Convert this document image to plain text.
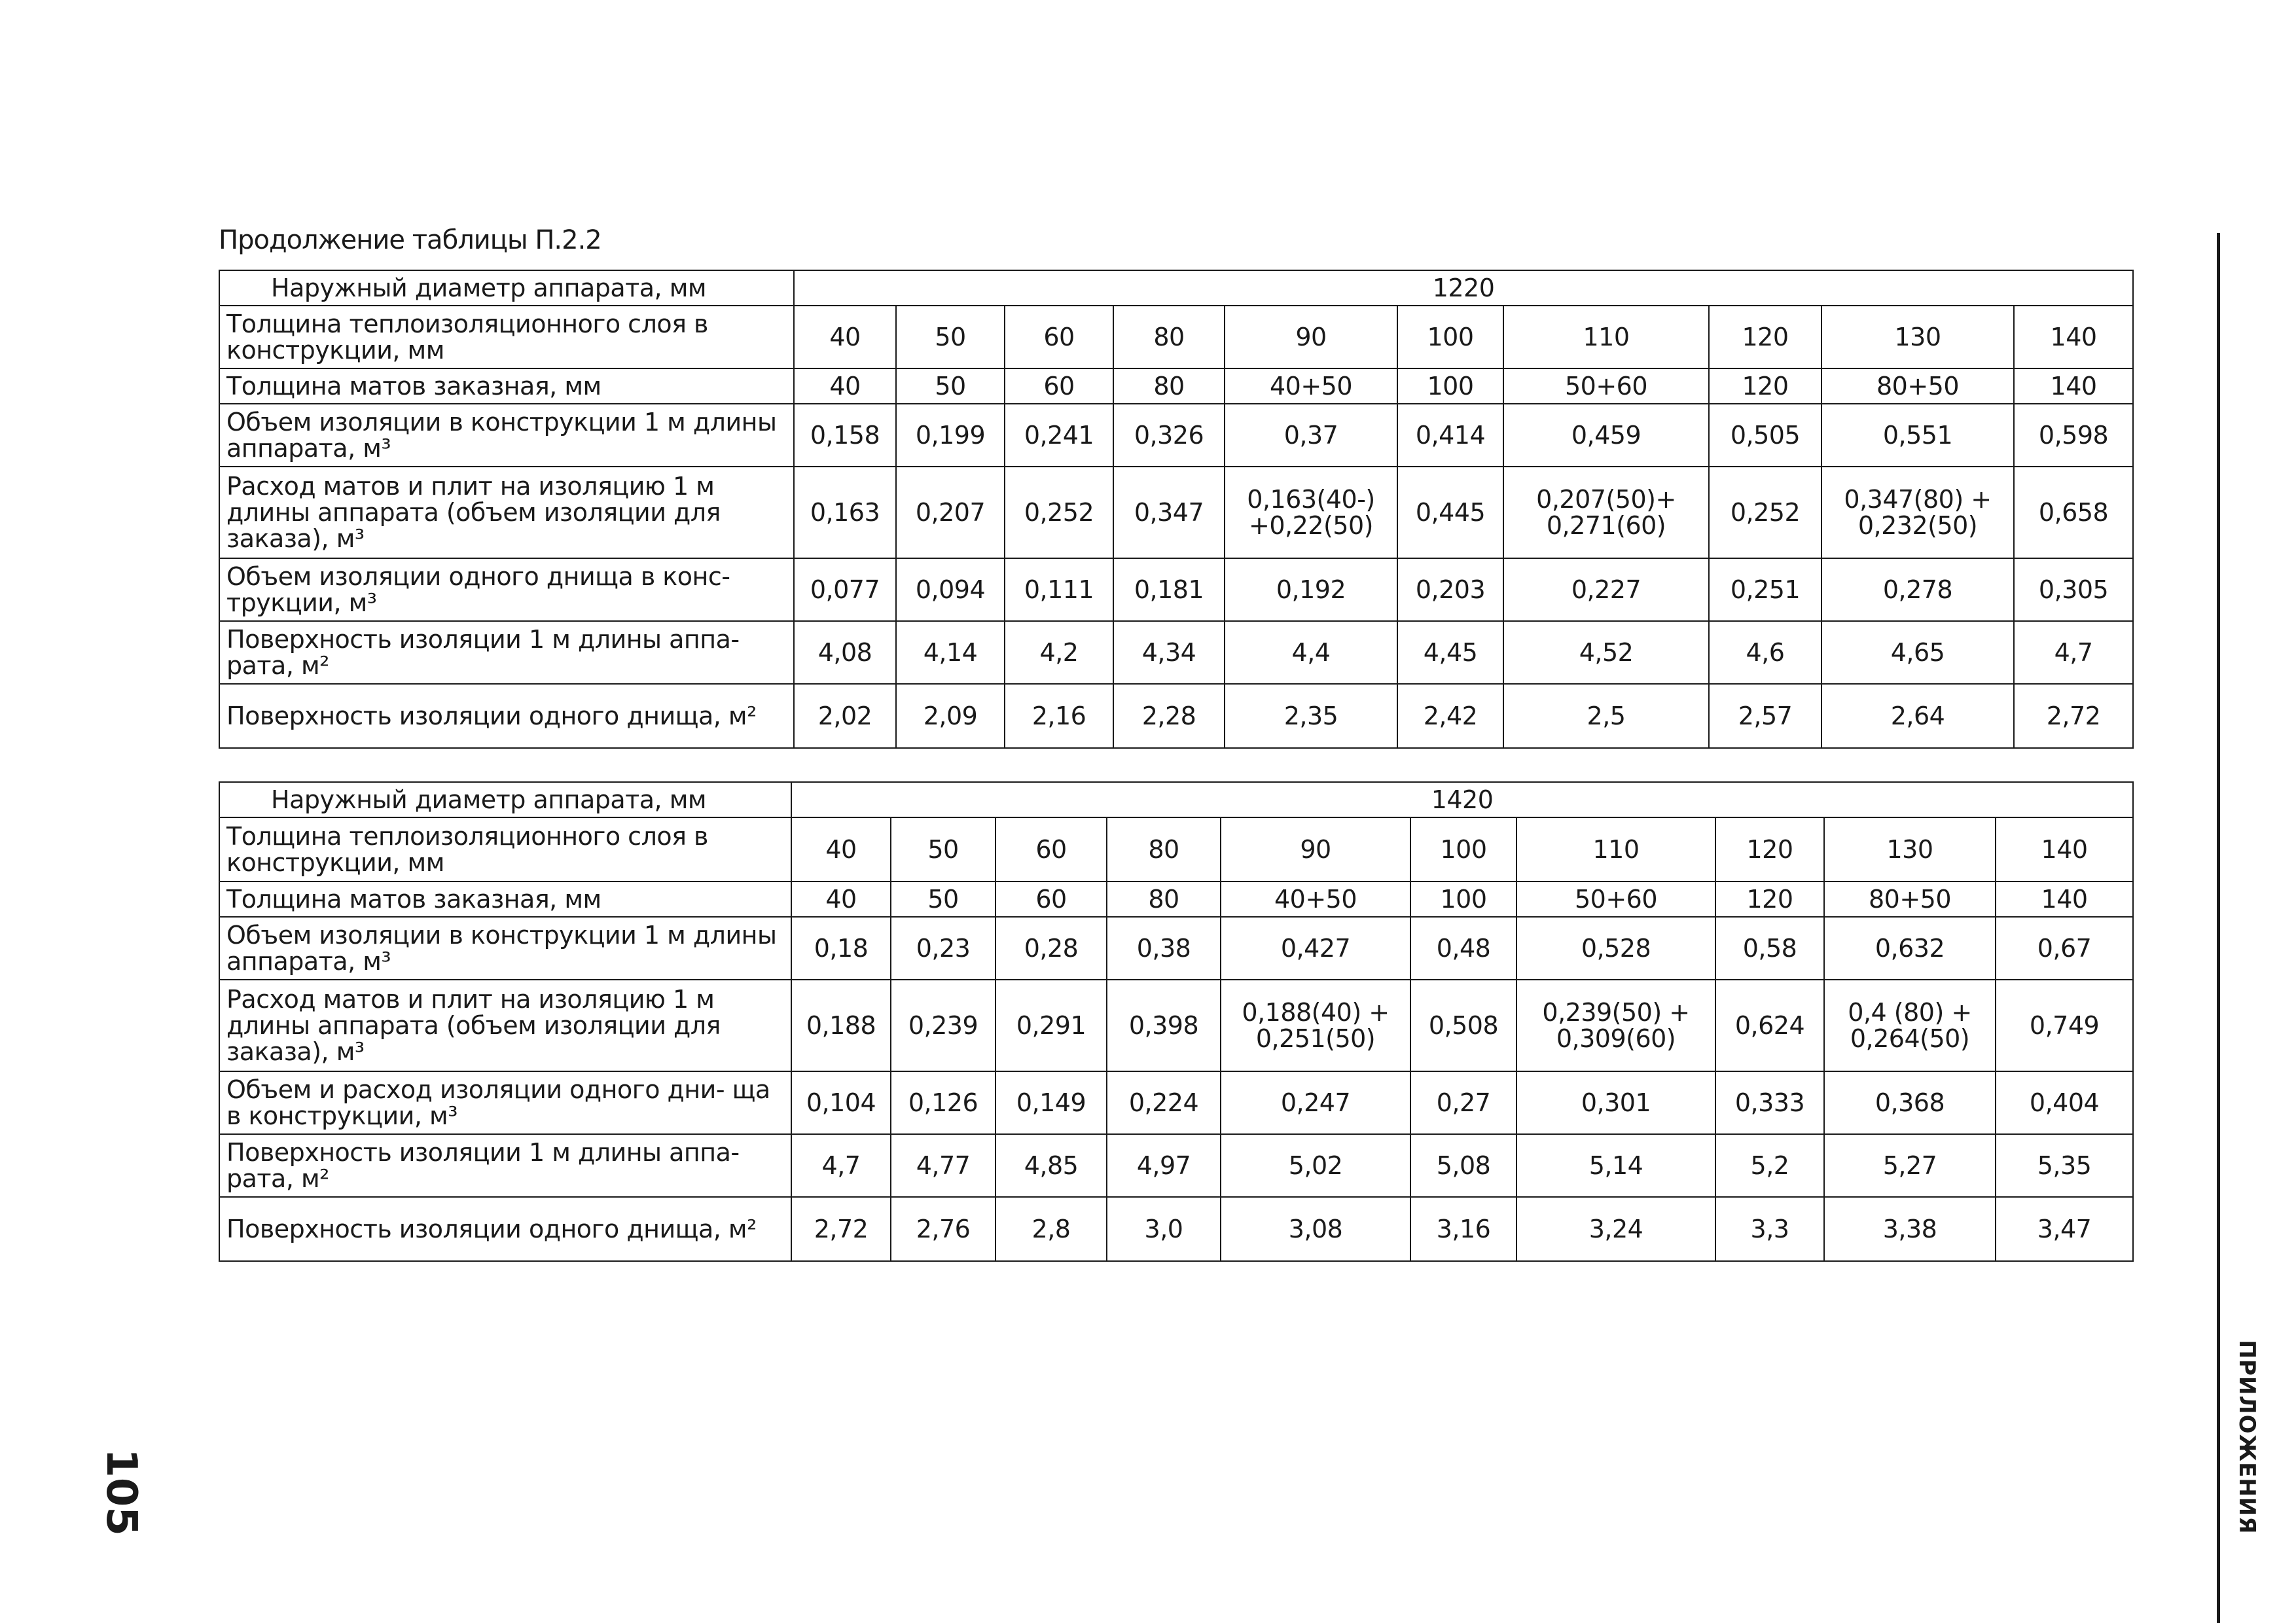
Продолжение таблицы П.2.2
Наружный диаметр аппарата, мм	1220									
Толщина теплоизоляционного слоя в конструкции, мм	40	50	60	80	90	100	110	120	130	140
Толщина матов заказная, мм	40	50	60	80	40+50	100	50+60	120	80+50	140
Объем изоляции в конструкции 1 м длины аппарата, м³	0,158	0,199	0,241	0,326	0,37	0,414	0,459	0,505	0,551	0,598
Расход матов и плит на изоляцию 1 м длины аппарата (объем изоляции для заказа), м³	0,163	0,207	0,252	0,347	0,163(40-) +0,22(50)	0,445	0,207(50)+ 0,271(60)	0,252	0,347(80) + 0,232(50)	0,658
Объем изоляции одного днища в конс- трукции, м³	0,077	0,094	0,111	0,181	0,192	0,203	0,227	0,251	0,278	0,305
Поверхность изоляции 1 м длины аппа- рата, м²	4,08	4,14	4,2	4,34	4,4	4,45	4,52	4,6	4,65	4,7
Поверхность изоляции одного днища, м²	2,02	2,09	2,16	2,28	2,35	2,42	2,5	2,57	2,64	2,72
Наружный диаметр аппарата, мм	1420									
Толщина теплоизоляционного слоя в конструкции, мм	40	50	60	80	90	100	110	120	130	140
Толщина матов заказная, мм	40	50	60	80	40+50	100	50+60	120	80+50	140
Объем изоляции в конструкции 1 м длины аппарата, м³	0,18	0,23	0,28	0,38	0,427	0,48	0,528	0,58	0,632	0,67
Расход матов и плит на изоляцию 1 м длины аппарата (объем изоляции для заказа), м³	0,188	0,239	0,291	0,398	0,188(40) + 0,251(50)	0,508	0,239(50) + 0,309(60)	0,624	0,4 (80) + 0,264(50)	0,749
Объем и расход изоляции одного дни- ща в конструкции, м³	0,104	0,126	0,149	0,224	0,247	0,27	0,301	0,333	0,368	0,404
Поверхность изоляции 1 м длины аппа- рата, м²	4,7	4,77	4,85	4,97	5,02	5,08	5,14	5,2	5,27	5,35
Поверхность изоляции одного днища, м²	2,72	2,76	2,8	3,0	3,08	3,16	3,24	3,3	3,38	3,47
ПРИЛОЖЕНИЯ
105
